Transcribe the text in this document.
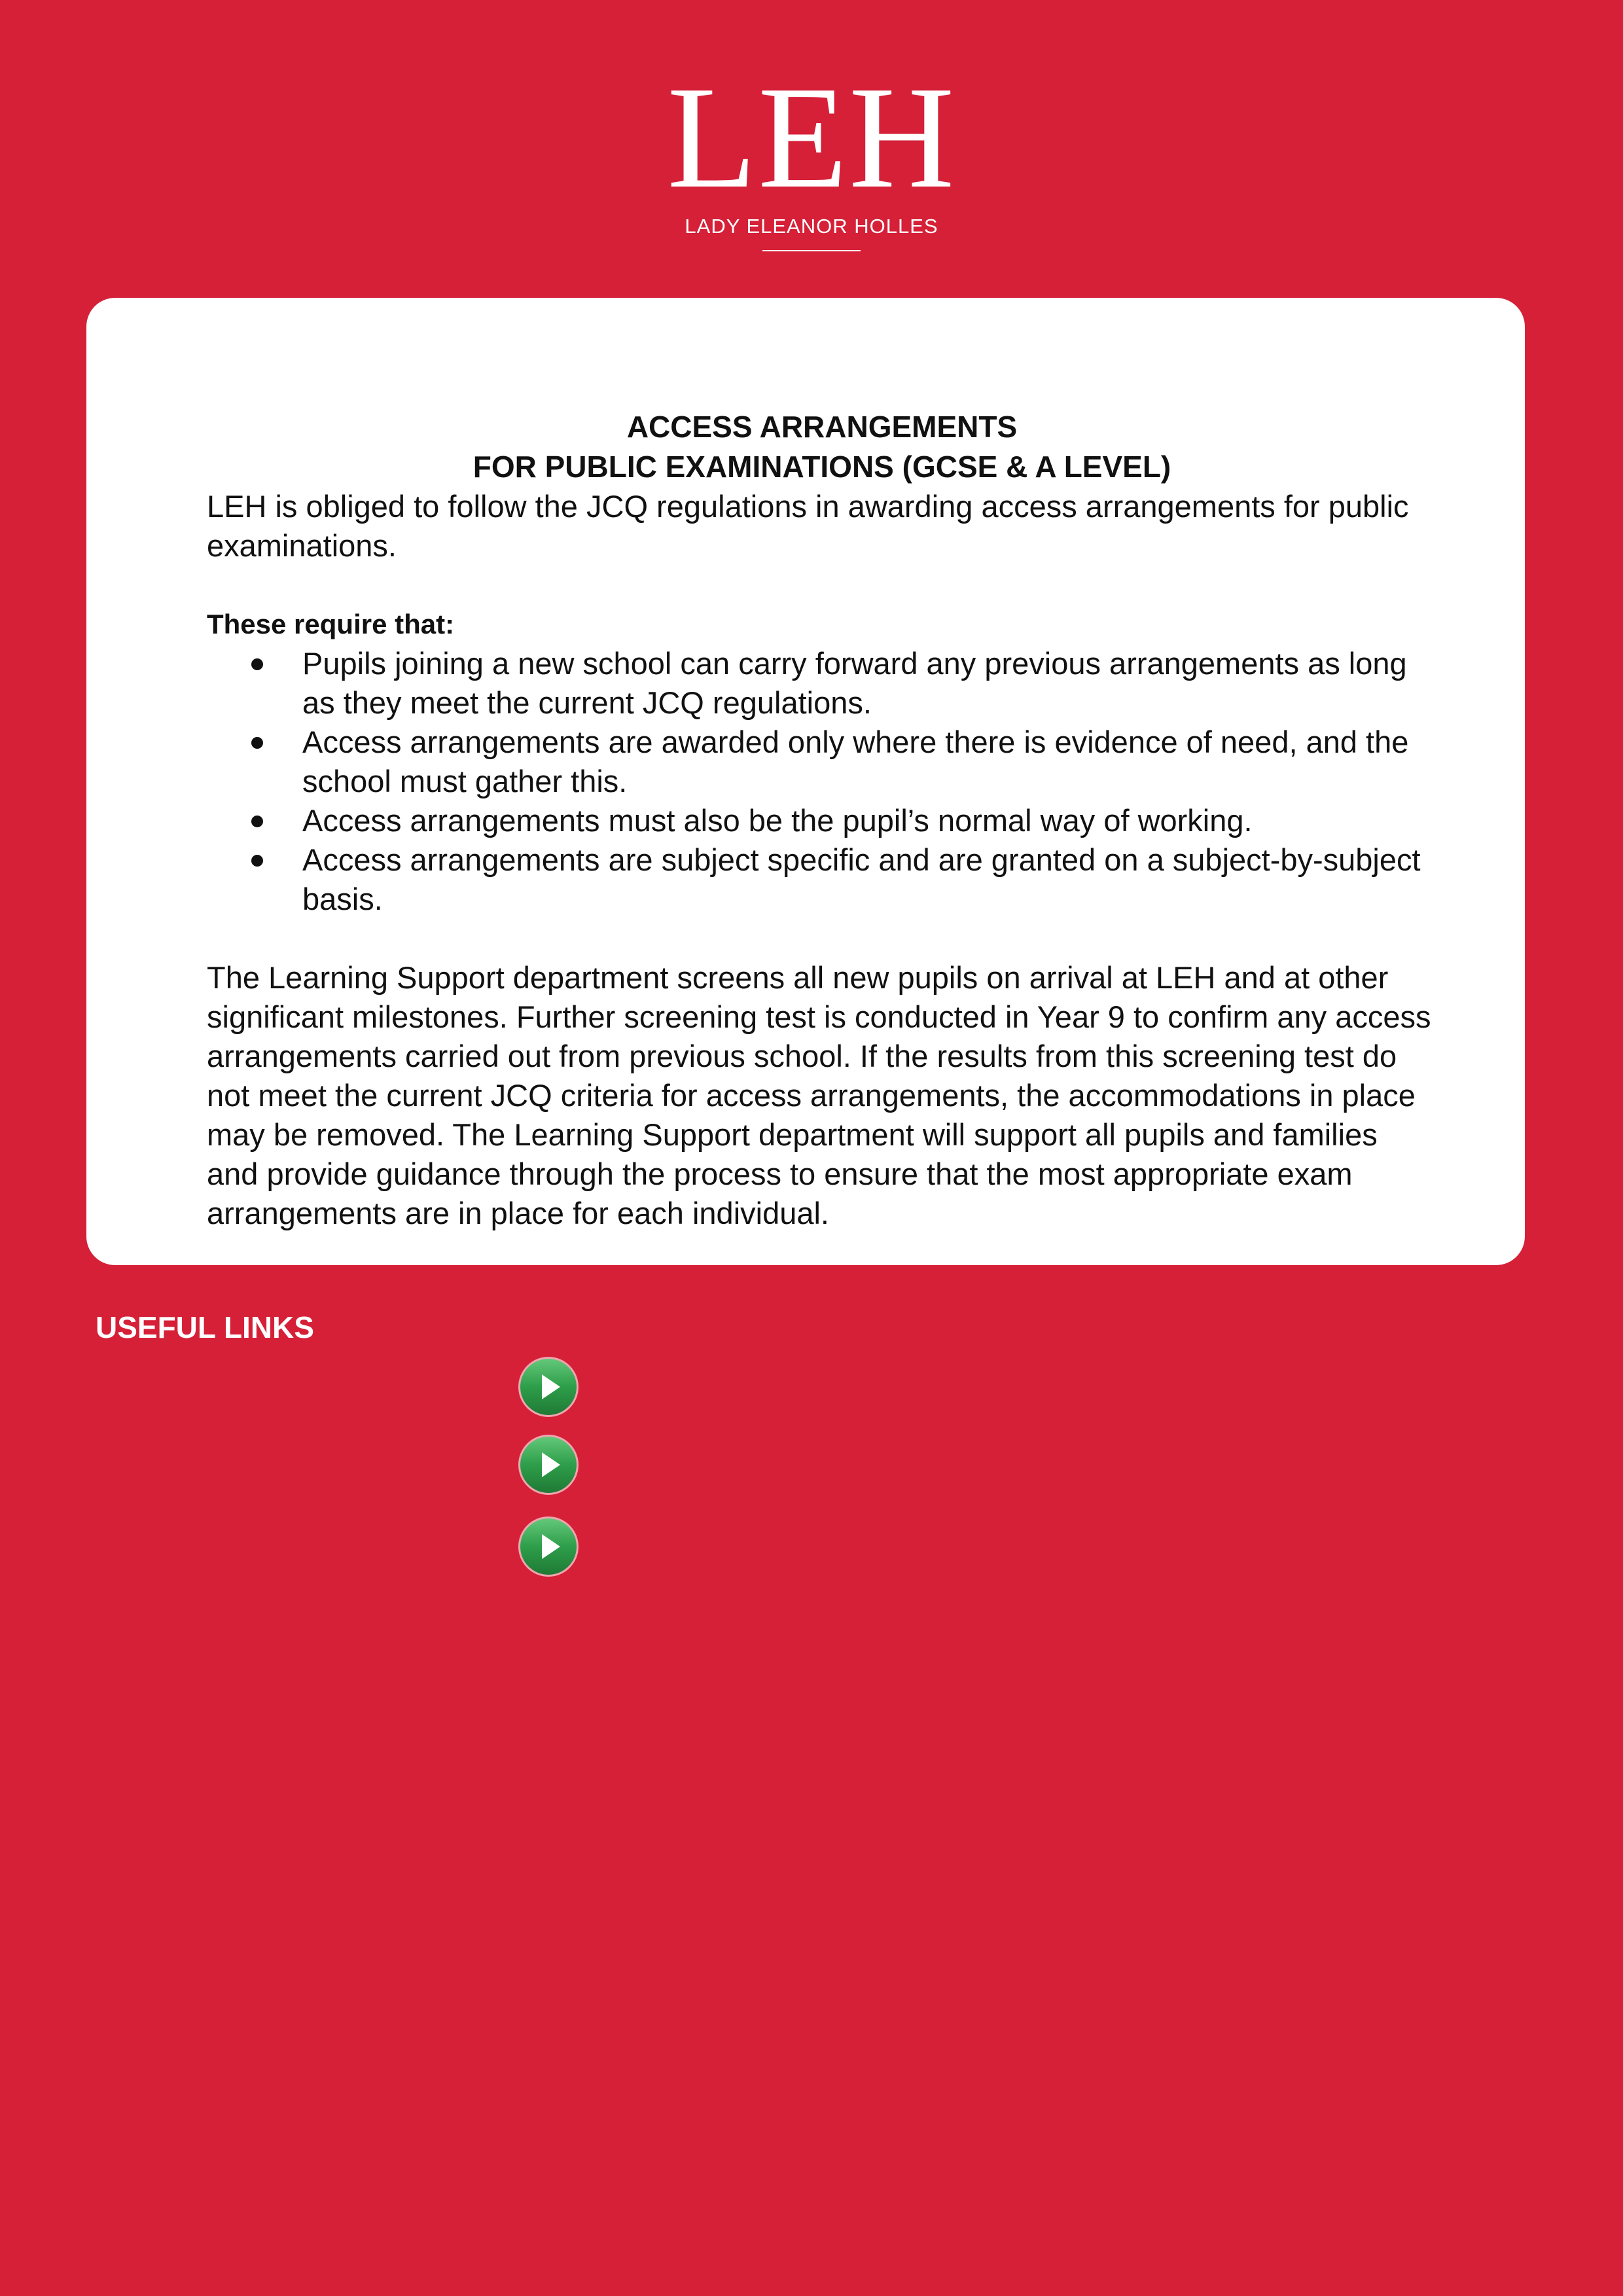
LEH
LADY ELEANOR HOLLES

ACCESS ARRANGEMENTS

FOR PUBLIC EXAMINATIONS (GCSE & A LEVEL)

LEH is obliged to follow the JCQ regulations in awarding access arrangements for public examinations.

These require that:

Pupils joining a new school can carry forward any previous arrangements as long as they meet the current JCQ regulations.
Access arrangements are awarded only where there is evidence of need, and the school must gather this.
Access arrangements must also be the pupil’s normal way of working.
Access arrangements are subject specific and are granted on a subject-by-subject basis.

The Learning Support department screens all new pupils on arrival at LEH and at other significant milestones. Further screening test is conducted in Year 9 to confirm any access arrangements carried out from previous school. If the results from this screening test do not meet the current JCQ criteria for access arrangements, the accommodations in place may be removed. The Learning Support department will support all pupils and families and provide guidance through the process to ensure that the most appropriate exam arrangements are in place for each individual.

USEFUL LINKS
